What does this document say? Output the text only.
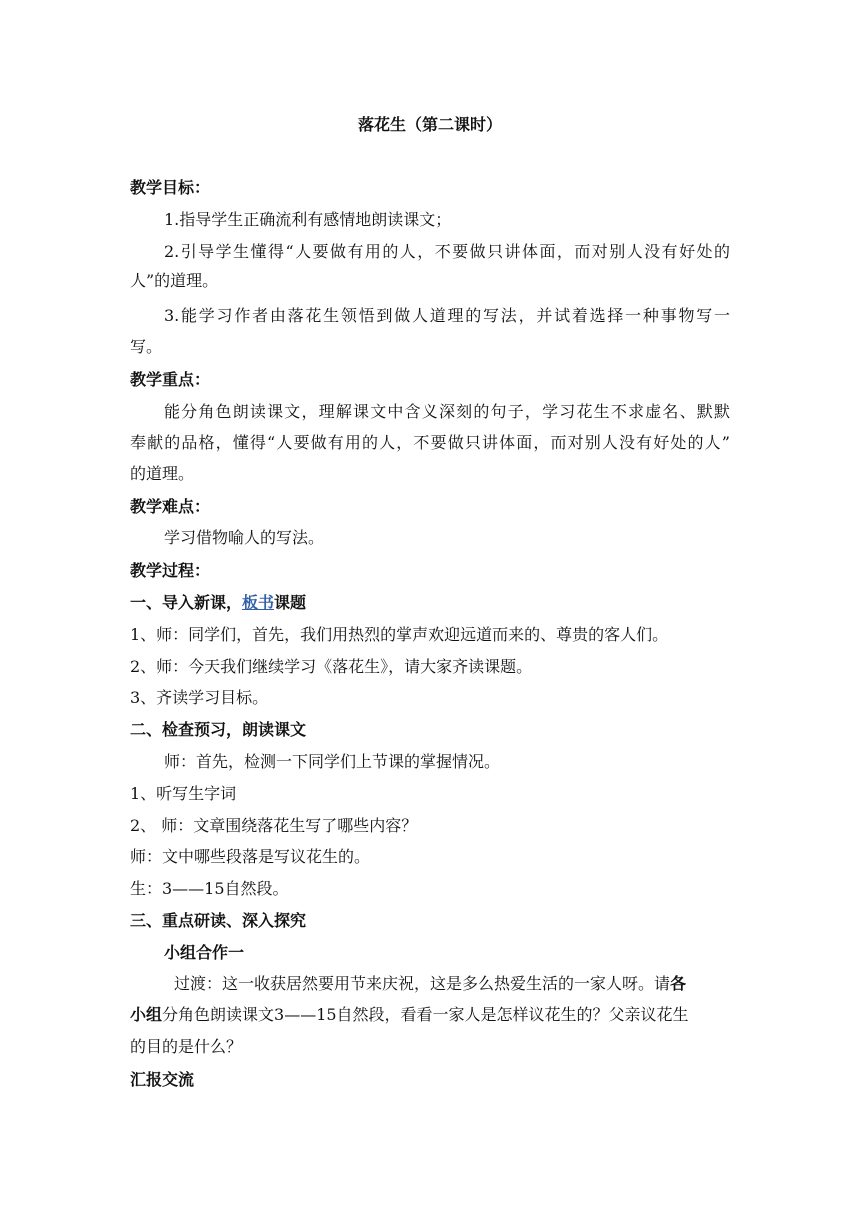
落花生（第二课时）
教学目标：
1.指导学生正确流利有感情地朗读课文；
2.引导学生懂得“人要做有用的人，不要做只讲体面，而对别人没有好处的
人”的道理。
3.能学习作者由落花生领悟到做人道理的写法，并试着选择一种事物写一
写。
教学重点：
能分角色朗读课文，理解课文中含义深刻的句子，学习花生不求虚名、默默
奉献的品格，懂得“人要做有用的人，不要做只讲体面，而对别人没有好处的人”
的道理。
教学难点：
学习借物喻人的写法。
教学过程：
一、导入新课，板书课题
1、师：同学们，首先，我们用热烈的掌声欢迎远道而来的、尊贵的客人们。
2、师：今天我们继续学习《落花生》，请大家齐读课题。
3、齐读学习目标。
二、检查预习，朗读课文
师：首先，检测一下同学们上节课的掌握情况。
1、听写生字词
2、 师：文章围绕落花生写了哪些内容？
师：文中哪些段落是写议花生的。
生：3——15自然段。
三、重点研读、深入探究
小组合作一
过渡：这一收获居然要用节来庆祝，这是多么热爱生活的一家人呀。请各
小组分角色朗读课文3——15自然段，看看一家人是怎样议花生的？父亲议花生
的目的是什么？
汇报交流
